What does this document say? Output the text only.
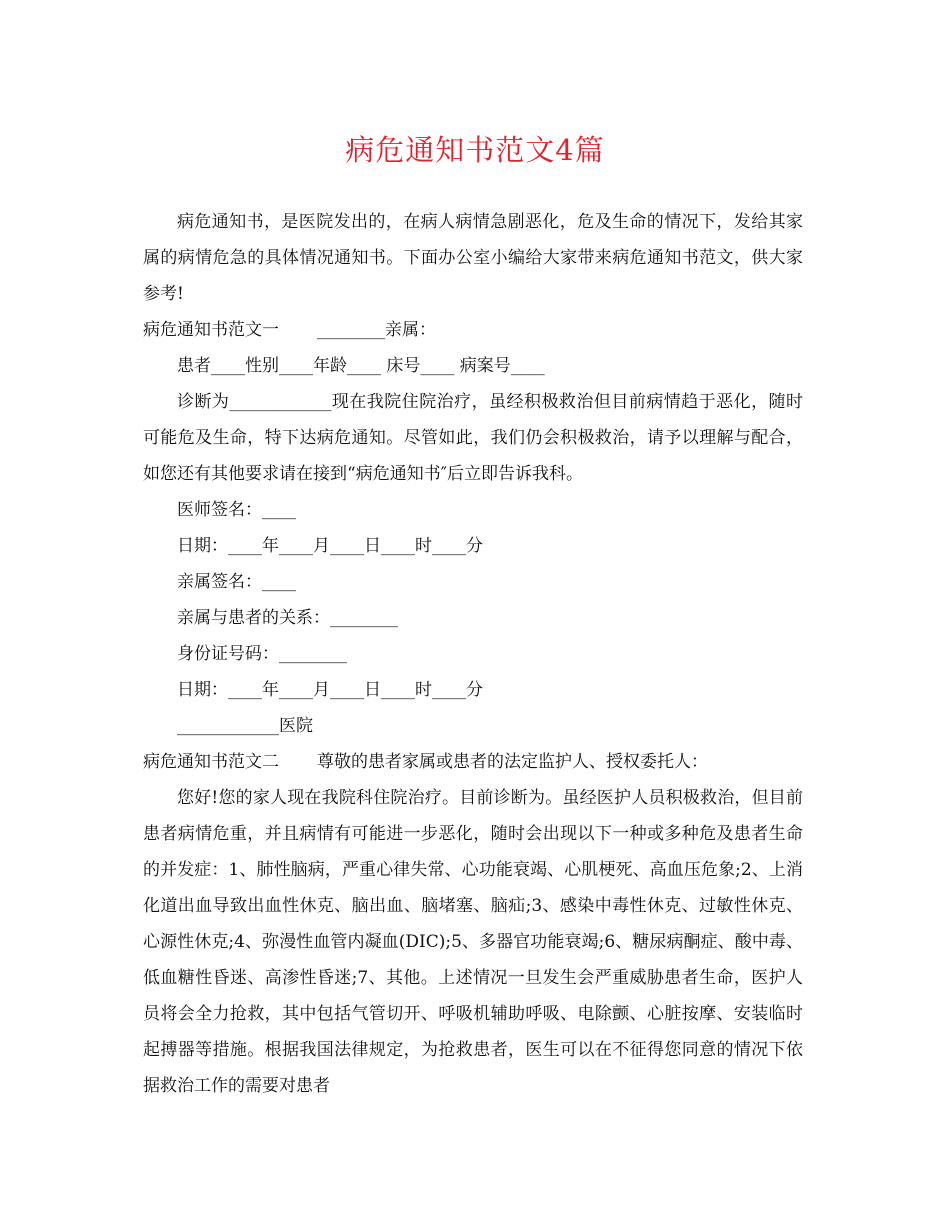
病危通知书范文4篇

病危通知书，是医院发出的，在病人病情急剧恶化，危及生命的情况下，发给其家属的病情危急的具体情况通知书。下面办公室小编给大家带来病危通知书范文，供大家参考!

病危通知书范文一 ________亲属：

患者____性别____年龄____ 床号____ 病案号____

诊断为____________现在我院住院治疗，虽经积极救治但目前病情趋于恶化，随时可能危及生命，特下达病危通知。尽管如此，我们仍会积极救治，请予以理解与配合，如您还有其他要求请在接到“病危通知书″后立即告诉我科。

医师签名：____

日期：____年____月____日____时____分

亲属签名：____

亲属与患者的关系：________

身份证号码：________

日期：____年____月____日____时____分

____________医院

病危通知书范文二 尊敬的患者家属或患者的法定监护人、授权委托人：

您好!您的家人现在我院科住院治疗。目前诊断为。虽经医护人员积极救治，但目前患者病情危重，并且病情有可能进一步恶化，随时会出现以下一种或多种危及患者生命的并发症：1、肺性脑病，严重心律失常、心功能衰竭、心肌梗死、高血压危象;2、上消化道出血导致出血性休克、脑出血、脑堵塞、脑疝;3、感染中毒性休克、过敏性休克、心源性休克;4、弥漫性血管内凝血(DIC);5、多器官功能衰竭;6、糖尿病酮症、酸中毒、低血糖性昏迷、高渗性昏迷;7、其他。上述情况一旦发生会严重威胁患者生命，医护人员将会全力抢救，其中包括气管切开、呼吸机辅助呼吸、电除颤、心脏按摩、安装临时起搏器等措施。根据我国法律规定，为抢救患者，医生可以在不征得您同意的情况下依据救治工作的需要对患者
